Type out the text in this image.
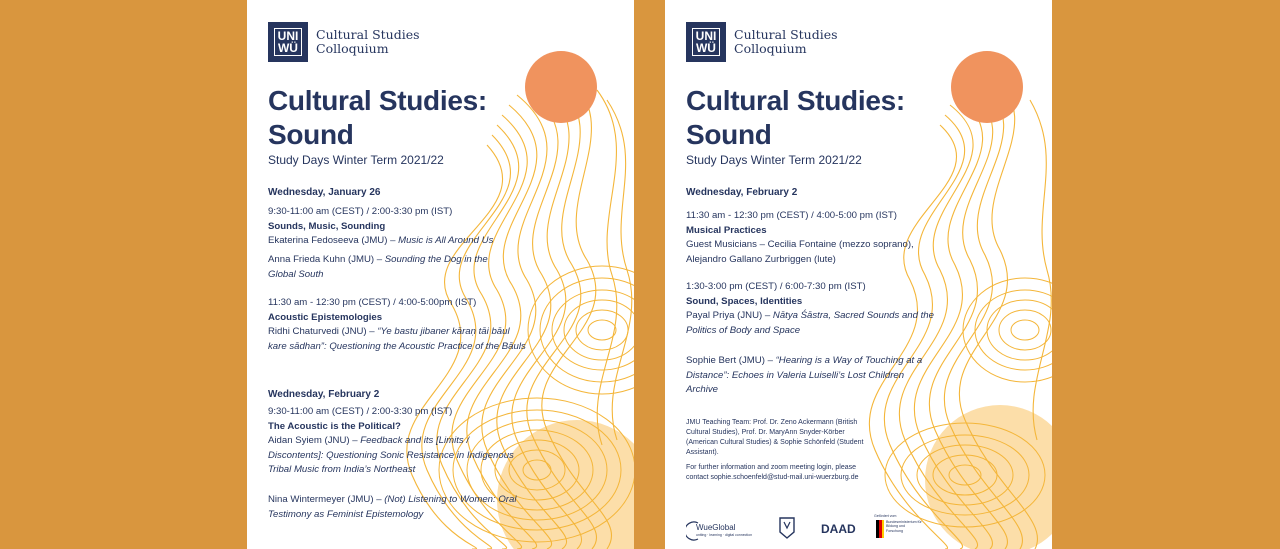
UNI
WÜ
Cultural Studies
Colloquium
Cultural Studies:
Sound
Study Days Winter Term 2021/22
Wednesday, January 26
9:30-11:00 am (CEST) / 2:00-3:30 pm (IST)
Sounds, Music, Sounding
Ekaterina Fedoseeva (JMU) – Music is All Around Us
Anna Frieda Kuhn (JMU) – Sounding the Dog in the Global South
11:30 am - 12:30 pm (CEST) / 4:00-5:00pm (IST)
Acoustic Epistemologies
Ridhi Chaturvedi (JNU) – “Ye bastu jibaner kāraṇ tāi bāul kare sādhan”: Questioning the Acoustic Practice of the Bāuls
Wednesday, February 2
9:30-11:00 am (CEST) / 2:00-3:30 pm (IST)
The Acoustic is the Political?
Aidan Syiem (JNU) – Feedback and its [Limits / Discontents]: Questioning Sonic Resistance in Indigenous Tribal Music from India’s Northeast
Nina Wintermeyer (JMU) – (Not) Listening to Women: Oral Testimony as Feminist Epistemology
UNI
WÜ
Cultural Studies
Colloquium
Cultural Studies:
Sound
Study Days Winter Term 2021/22
Wednesday, February 2
11:30 am - 12:30 pm (CEST) / 4:00-5:00 pm (IST)
Musical Practices
Guest Musicians – Cecilia Fontaine (mezzo soprano), Alejandro Gallano Zurbriggen (lute)
1:30-3:00 pm (CEST) / 6:00-7:30 pm (IST)
Sound, Spaces, Identities
Payal Priya (JNU) – Nātya Śāstra, Sacred Sounds and the Politics of Body and Space
Sophie Bert (JMU) – “Hearing is a Way of Touching at a Distance”: Echoes in Valeria Luiselli’s Lost Children Archive
JMU Teaching Team: Prof. Dr. Zeno Ackermann (British Cultural Studies), Prof. Dr. MaryAnn Snyder-Körber (American Cultural Studies) & Sophie Schönfeld (Student Assistant).
For further information and zoom meeting login, please contact sophie.schoenfeld@stud-mail.uni-wuerzburg.de
WueGlobal
uniting · learning · digital connection	DAAD
Gefördert vom
Bundesministerium für Bildung und Forschung
